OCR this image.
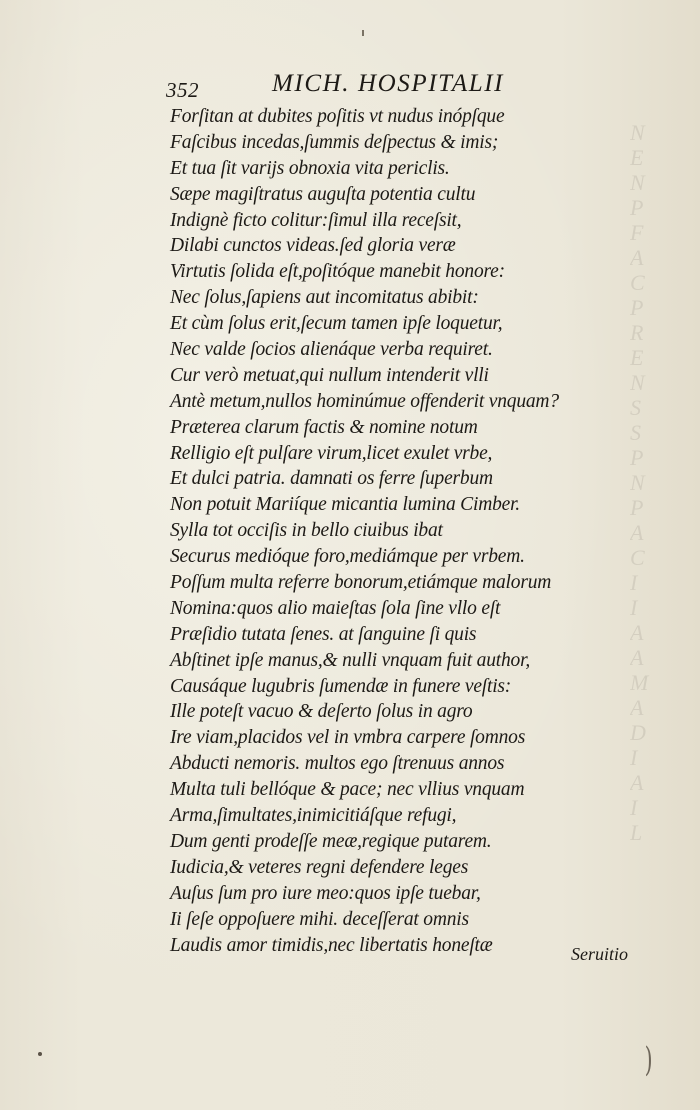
N
E
N
P
F
A
C
P
R
E
N
S
S
P
N
P
A
C
I
I
A
A
M
A
D
I
A
I
L
352	MICH. HOSPITALII
Forſitan at dubites poſitis vt nudus inópſque
Faſcibus incedas,ſummis deſpectus & imis;
Et tua ſit varijs obnoxia vita periclis.
Sæpe magiſtratus auguſta potentia cultu
Indignè ficto colitur:ſimul illa receſsit,
Dilabi cunctos videas.ſed gloria veræ
Virtutis ſolida eſt,poſitóque manebit honore:
Nec ſolus,ſapiens aut incomitatus abibit:
Et cùm ſolus erit,ſecum tamen ipſe loquetur,
Nec valde ſocios alienáque verba requiret.
Cur verò metuat,qui nullum intenderit vlli
Antè metum,nullos hominúmue offenderit vnquam?
Præterea clarum factis & nomine notum
Relligio eſt pulſare virum,licet exulet vrbe,
Et dulci patria. damnati os ferre ſuperbum
Non potuit Mariíque micantia lumina Cimber.
Sylla tot occiſis in bello ciuibus ibat
Securus medióque foro,mediámque per vrbem.
Poſſum multa referre bonorum,etiámque malorum
Nomina:quos alio maieſtas ſola ſine vllo eſt
Præſidio tutata ſenes. at ſanguine ſi quis
Abſtinet ipſe manus,& nulli vnquam fuit author,
Causáque lugubris ſumendæ in funere veſtis:
Ille poteſt vacuo & deſerto ſolus in agro
Ire viam,placidos vel in vmbra carpere ſomnos
Abducti nemoris. multos ego ſtrenuus annos
Multa tuli bellóque & pace; nec vllius vnquam
Arma,ſimultates,inimicitiáſque refugi,
Dum genti prodeſſe meæ,regique putarem.
Iudicia,& veteres regni defendere leges
Auſus ſum pro iure meo:quos ipſe tuebar,
Ii ſeſe oppoſuere mihi. deceſſerat omnis
Laudis amor timidis,nec libertatis honeſtæ	Seruitio
)
